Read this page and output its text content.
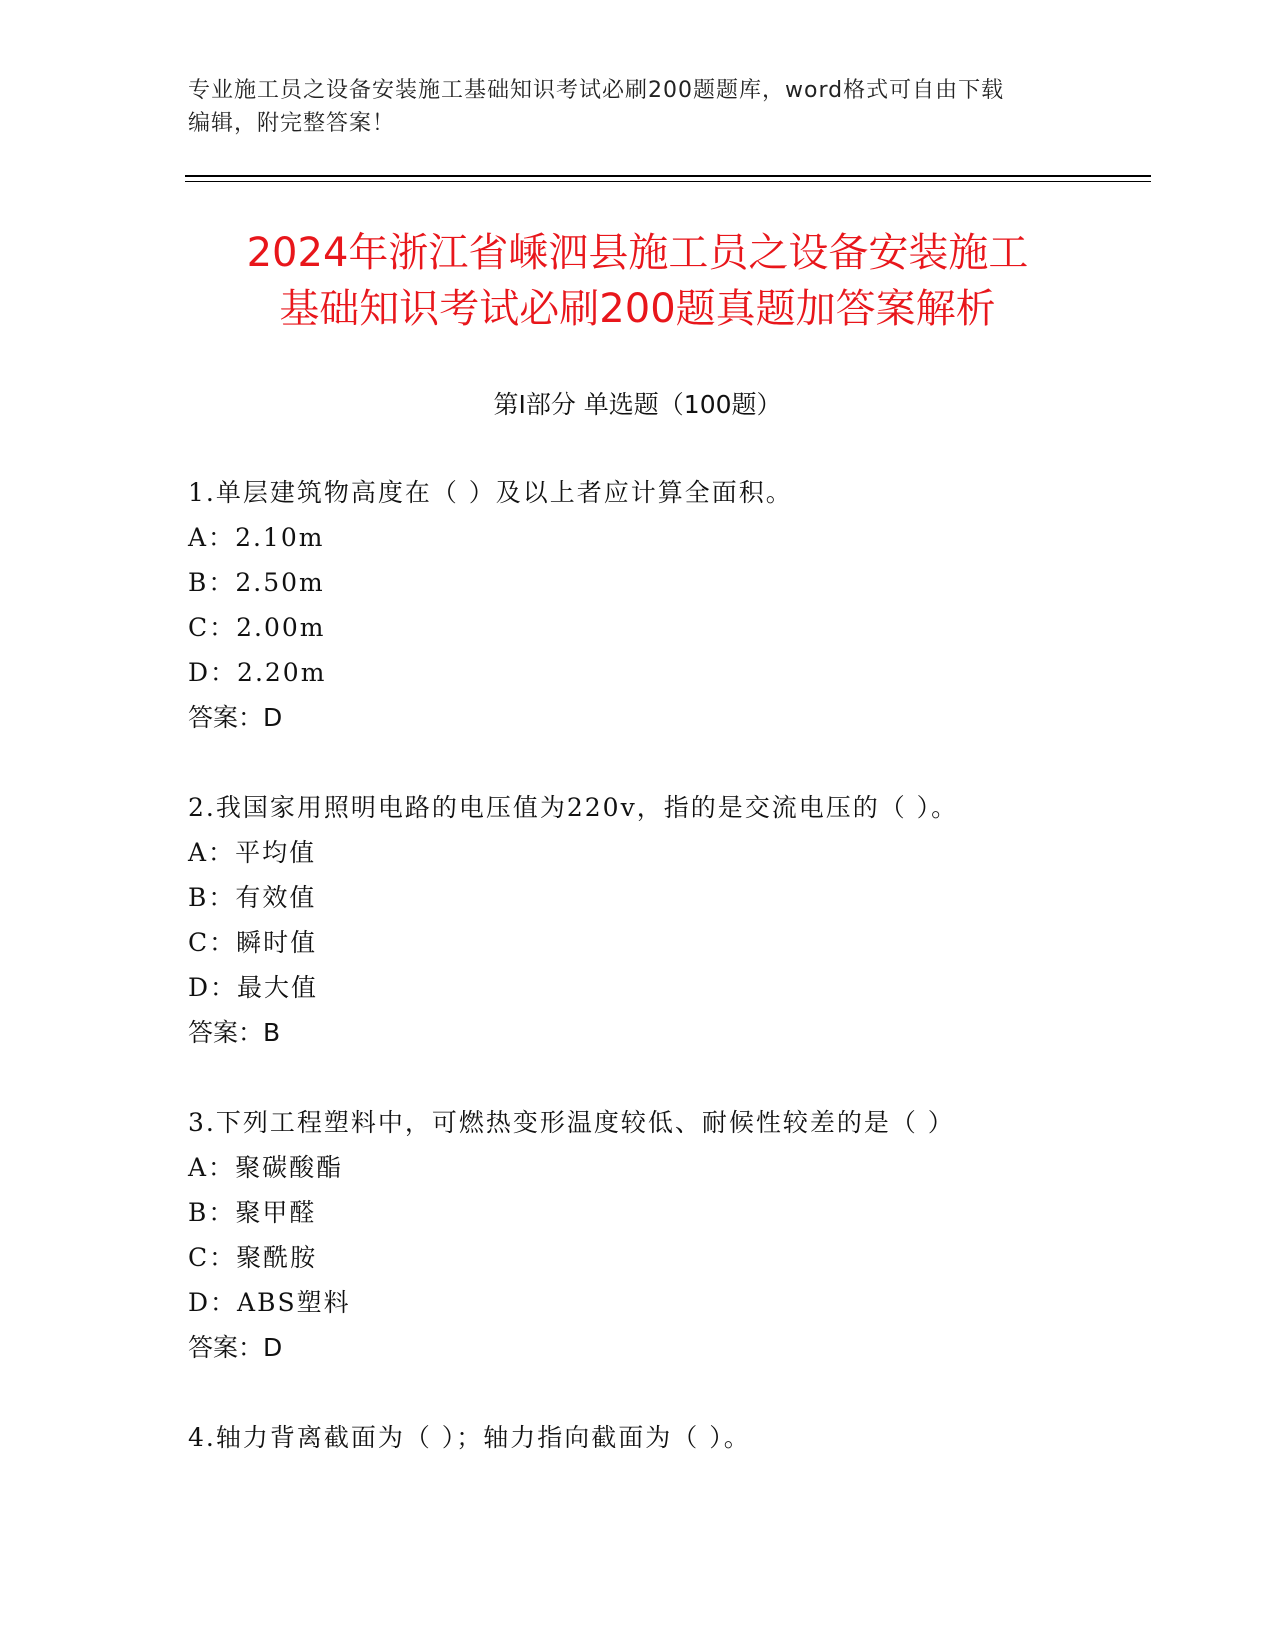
专业施工员之设备安装施工基础知识考试必刷200题题库，word格式可自由下载
编辑，附完整答案！
2024年浙江省嵊泗县施工员之设备安装施工
基础知识考试必刷200题真题加答案解析
第Ⅰ部分 单选题（100题）
1.单层建筑物高度在（ ）及以上者应计算全面积。
A：2.10m
B：2.50m
C：2.00m
D：2.20m
答案：D
2.我国家用照明电路的电压值为220v，指的是交流电压的（ ）。
A：平均值
B：有效值
C：瞬时值
D：最大值
答案：B
3.下列工程塑料中，可燃热变形温度较低、耐候性较差的是（ ）
A：聚碳酸酯
B：聚甲醛
C：聚酰胺
D：ABS塑料
答案：D
4.轴力背离截面为（ ）；轴力指向截面为（ ）。
